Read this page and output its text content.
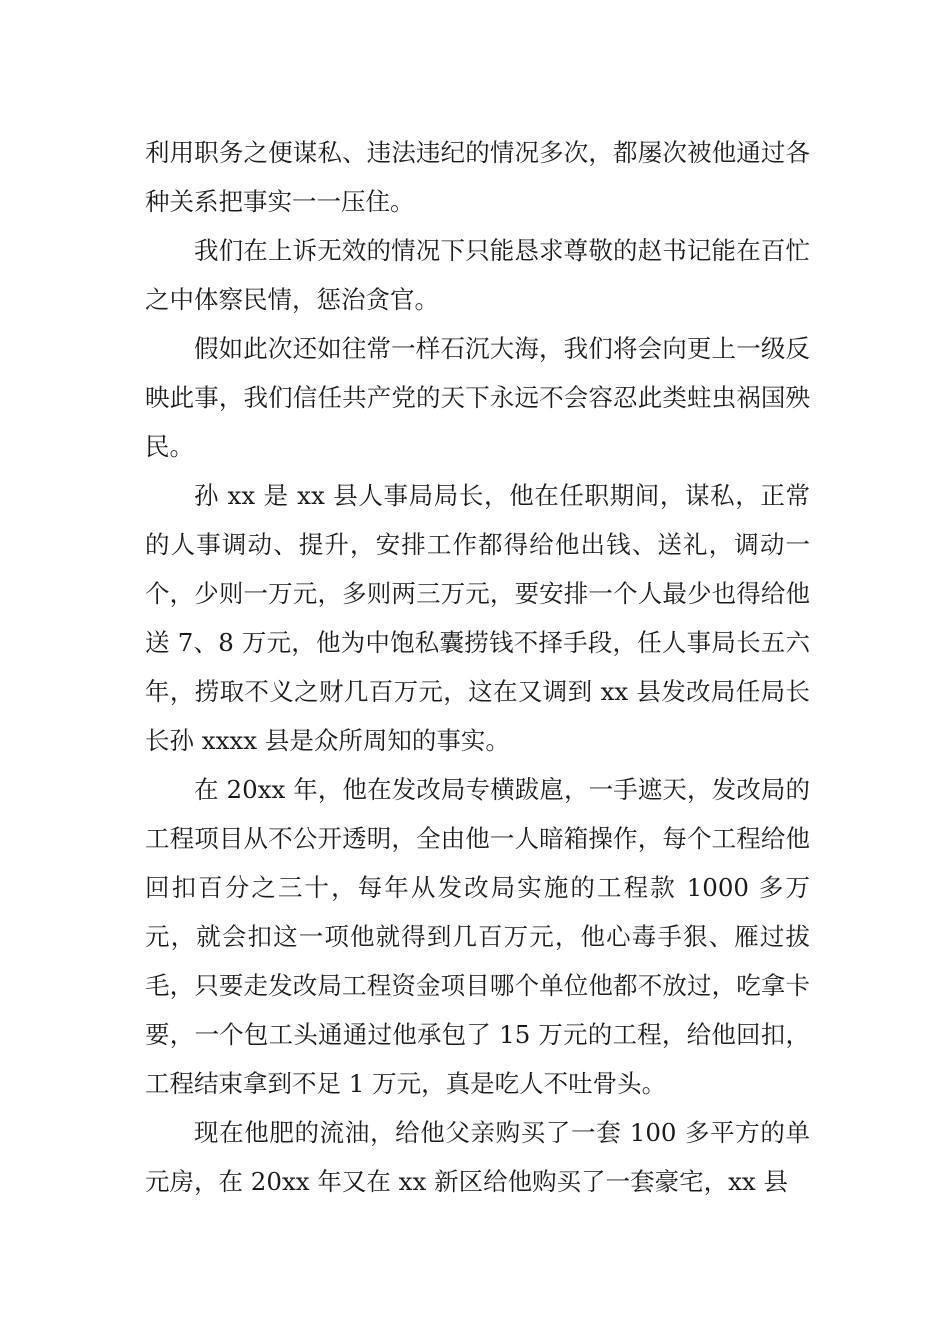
利用职务之便谋私、违法违纪的情况多次，都屡次被他通过各种关系把事实一一压住。

我们在上诉无效的情况下只能恳求尊敬的赵书记能在百忙之中体察民情，惩治贪官。

假如此次还如往常一样石沉大海，我们将会向更上一级反映此事，我们信任共产党的天下永远不会容忍此类蛀虫祸国殃民。

孙 xx 是 xx 县人事局局长，他在任职期间，谋私，正常的人事调动、提升，安排工作都得给他出钱、送礼，调动一个，少则一万元，多则两三万元，要安排一个人最少也得给他送 7、8 万元，他为中饱私囊捞钱不择手段，任人事局长五六年，捞取不义之财几百万元，这在又调到 xx 县发改局任局长长孙 xxxx 县是众所周知的事实。

在 20xx 年，他在发改局专横跋扈，一手遮天，发改局的工程项目从不公开透明，全由他一人暗箱操作，每个工程给他回扣百分之三十，每年从发改局实施的工程款 1000 多万元，就会扣这一项他就得到几百万元，他心毒手狠、雁过拔毛，只要走发改局工程资金项目哪个单位他都不放过，吃拿卡要，一个包工头通通过他承包了 15 万元的工程，给他回扣，工程结束拿到不足 1 万元，真是吃人不吐骨头。

现在他肥的流油，给他父亲购买了一套 100 多平方的单元房，在 20xx 年又在 xx 新区给他购买了一套豪宅，xx 县
